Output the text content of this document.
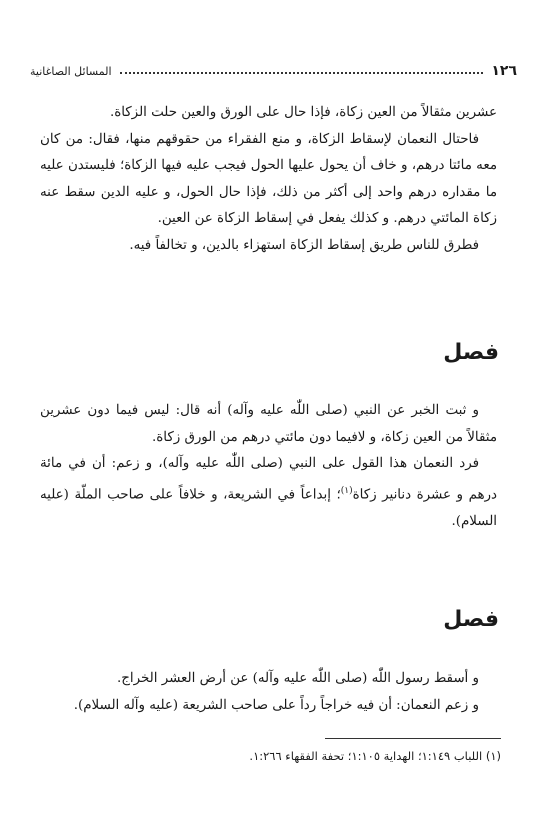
المسائل الصاغانية	١٢٦

عشرين مثقالاً من العين زكاة، فإذا حال على الورق والعين حلت الزكاة.

فاحتال النعمان لإسقاط الزكاة، و منع الفقراء من حقوقهم منها، فقال: من كان معه مائتا درهم، و خاف أن يحول عليها الحول فيجب عليه فيها الزكاة؛ فليستدن عليه ما مقداره درهم واحد إلى أكثر من ذلك، فإذا حال الحول، و عليه الدين سقط عنه زكاة المائتي درهم. و كذلك يفعل في إسقاط الزكاة عن العين.

فطرق للناس طريق إسقاط الزكاة استهزاء بالدين، و تخالفاً فيه.

فصل

و ثبت الخبر عن النبي (صلى اللّٰه عليه وآله) أنه قال: ليس فيما دون عشرين مثقالاً من العين زكاة، و لافيما دون مائتي درهم من الورق زكاة.

فرد النعمان هذا القول على النبي (صلى اللّٰه عليه وآله)، و زعم: أن في مائة درهم و عشرة دنانير زكاة$^{(١)}$؛ إبداعاً في الشريعة، و خلافاً على صاحب الملّة (عليه السلام).

فصل

و أسقط رسول اللّٰه (صلى اللّٰه عليه وآله) عن أرض العشر الخراج.

و زعم النعمان: أن فيه خراجاً رداً على صاحب الشريعة (عليه وآله السلام).

(١) اللباب ١:١٤٩؛ الهداية ١:١٠٥؛ تحفة الفقهاء ١:٢٦٦.
